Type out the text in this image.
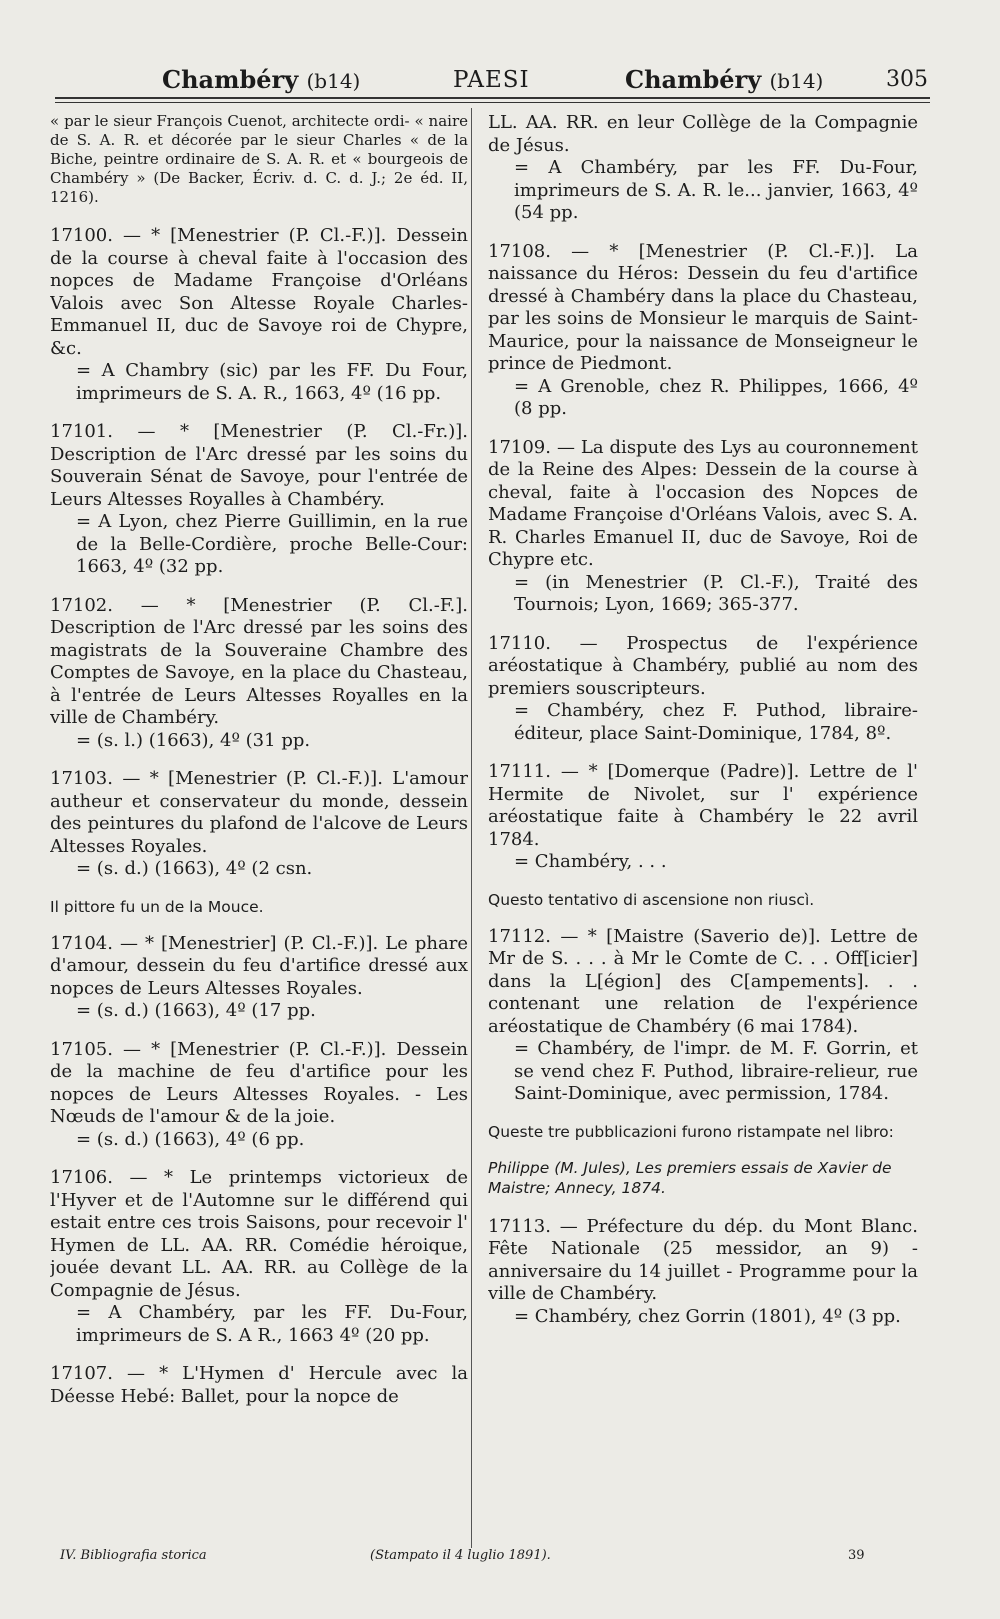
Chambéry (b14)	PAESI	Chambéry (b14)	305
« par le sieur François Cuenot, architecte ordi- « naire de S. A. R. et décorée par le sieur Charles « de la Biche, peintre ordinaire de S. A. R. et « bourgeois de Chambéry » (De Backer, Écriv. d. C. d. J.; 2e éd. II, 1216).
17100. — * [Menestrier (P. Cl.-F.)]. Dessein de la course à cheval faite à l'occasion des nopces de Madame Françoise d'Orléans Valois avec Son Altesse Royale Charles-Emmanuel II, duc de Savoye roi de Chypre, &c.
= A Chambry (sic) par les FF. Du Four, imprimeurs de S. A. R., 1663, 4º (16 pp.
17101. — * [Menestrier (P. Cl.-Fr.)]. Description de l'Arc dressé par les soins du Souverain Sénat de Savoye, pour l'entrée de Leurs Altesses Royalles à Chambéry.
= A Lyon, chez Pierre Guillimin, en la rue de la Belle-Cordière, proche Belle-Cour: 1663, 4º (32 pp.
17102. — * [Menestrier (P. Cl.-F.]. Description de l'Arc dressé par les soins des magistrats de la Souveraine Chambre des Comptes de Savoye, en la place du Chasteau, à l'entrée de Leurs Altesses Royalles en la ville de Chambéry.
= (s. l.) (1663), 4º (31 pp.
17103. — * [Menestrier (P. Cl.-F.)]. L'amour autheur et conservateur du monde, dessein des peintures du plafond de l'alcove de Leurs Altesses Royales.
= (s. d.) (1663), 4º (2 csn.
Il pittore fu un de la Mouce.
17104. — * [Menestrier] (P. Cl.-F.)]. Le phare d'amour, dessein du feu d'artifice dressé aux nopces de Leurs Altesses Royales.
= (s. d.) (1663), 4º (17 pp.
17105. — * [Menestrier (P. Cl.-F.)]. Dessein de la machine de feu d'artifice pour les nopces de Leurs Altesses Royales. - Les Nœuds de l'amour & de la joie.
= (s. d.) (1663), 4º (6 pp.
17106. — * Le printemps victorieux de l'Hyver et de l'Automne sur le différend qui estait entre ces trois Saisons, pour recevoir l' Hymen de LL. AA. RR. Comédie héroique, jouée devant LL. AA. RR. au Collège de la Compagnie de Jésus.
= A Chambéry, par les FF. Du-Four, imprimeurs de S. A R., 1663 4º (20 pp.
17107. — * L'Hymen d' Hercule avec la Déesse Hebé: Ballet, pour la nopce de
LL. AA. RR. en leur Collège de la Compagnie de Jésus.
= A Chambéry, par les FF. Du-Four, imprimeurs de S. A. R. le... janvier, 1663, 4º (54 pp.
17108. — * [Menestrier (P. Cl.-F.)]. La naissance du Héros: Dessein du feu d'artifice dressé à Chambéry dans la place du Chasteau, par les soins de Monsieur le marquis de Saint-Maurice, pour la naissance de Monseigneur le prince de Piedmont.
= A Grenoble, chez R. Philippes, 1666, 4º (8 pp.
17109. — La dispute des Lys au couronnement de la Reine des Alpes: Dessein de la course à cheval, faite à l'occasion des Nopces de Madame Françoise d'Orléans Valois, avec S. A. R. Charles Emanuel II, duc de Savoye, Roi de Chypre etc.
= (in Menestrier (P. Cl.-F.), Traité des Tournois; Lyon, 1669; 365-377.
17110. — Prospectus de l'expérience aréostatique à Chambéry, publié au nom des premiers souscripteurs.
= Chambéry, chez F. Puthod, libraire-éditeur, place Saint-Dominique, 1784, 8º.
17111. — * [Domerque (Padre)]. Lettre de l' Hermite de Nivolet, sur l' expérience aréostatique faite à Chambéry le 22 avril 1784.
= Chambéry, . . .
Questo tentativo di ascensione non riuscì.
17112. — * [Maistre (Saverio de)]. Lettre de Mr de S. . . . à Mr le Comte de C. . . Off[icier] dans la L[égion] des C[ampements]. . . contenant une relation de l'expérience aréostatique de Chambéry (6 mai 1784).
= Chambéry, de l'impr. de M. F. Gorrin, et se vend chez F. Puthod, libraire-relieur, rue Saint-Dominique, avec permission, 1784.
Queste tre pubblicazioni furono ristampate nel libro:
Philippe (M. Jules), Les premiers essais de Xavier de Maistre; Annecy, 1874.
17113. — Préfecture du dép. du Mont Blanc. Fête Nationale (25 messidor, an 9) - anniversaire du 14 juillet - Programme pour la ville de Chambéry.
= Chambéry, chez Gorrin (1801), 4º (3 pp.
IV. Bibliografia storica	(Stampato il 4 luglio 1891).	39
